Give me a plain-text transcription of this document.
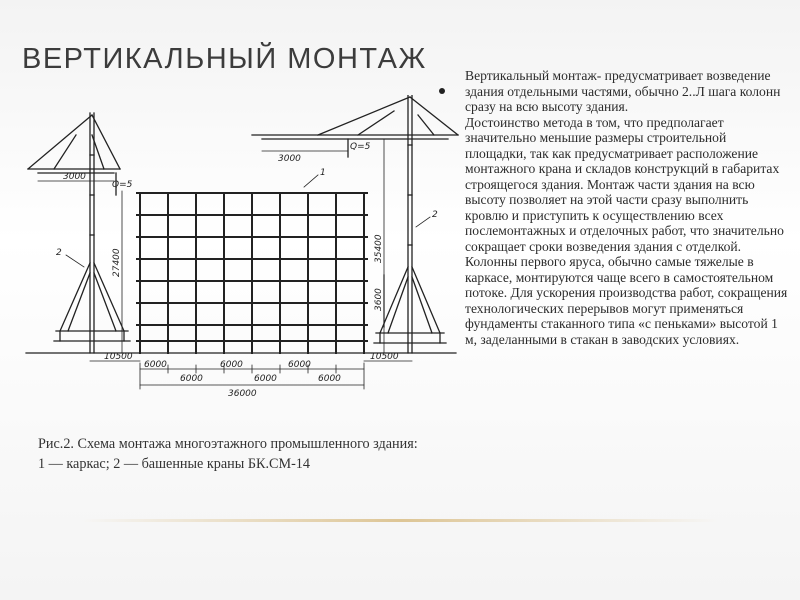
ВЕРТИКАЛЬНЫЙ МОНТАЖ
1
2
2
3000
3000
Q=5
Q=5
27400	35400
3600
10500	10500
6000
6000
6000
6000
6000
6000
36000

Вертикальный монтаж- предусматривает возведение здания отдельными частями, обычно 2..Л шага колонн сразу на всю высоту здания.

Достоинство метода в том, что предполагает значительно меньшие размеры строительной площадки, так как предусматривает расположение монтажного крана и складов конструкций в габаритах строящегося здания. Монтаж части здания на всю высоту позволяет на этой части сразу выполнить кровлю и приступить к осуществлению всех послемонтажных и отделочных работ, что значительно сокращает сроки возведения здания с отделкой.

Колонны первого яруса, обычно самые тяжелые в каркасе, монтируются чаще всего в самостоятельном потоке. Для ускорения производства работ, сокращения технологических перерывов могут применяться фундаменты стаканного типа «с пеньками» высотой 1 м, заделанными в стакан в заводских условиях.

Рис.2. Схема монтажа многоэтажного промышленного здания: 1 — каркас; 2 — башенные краны БК.СМ-14
